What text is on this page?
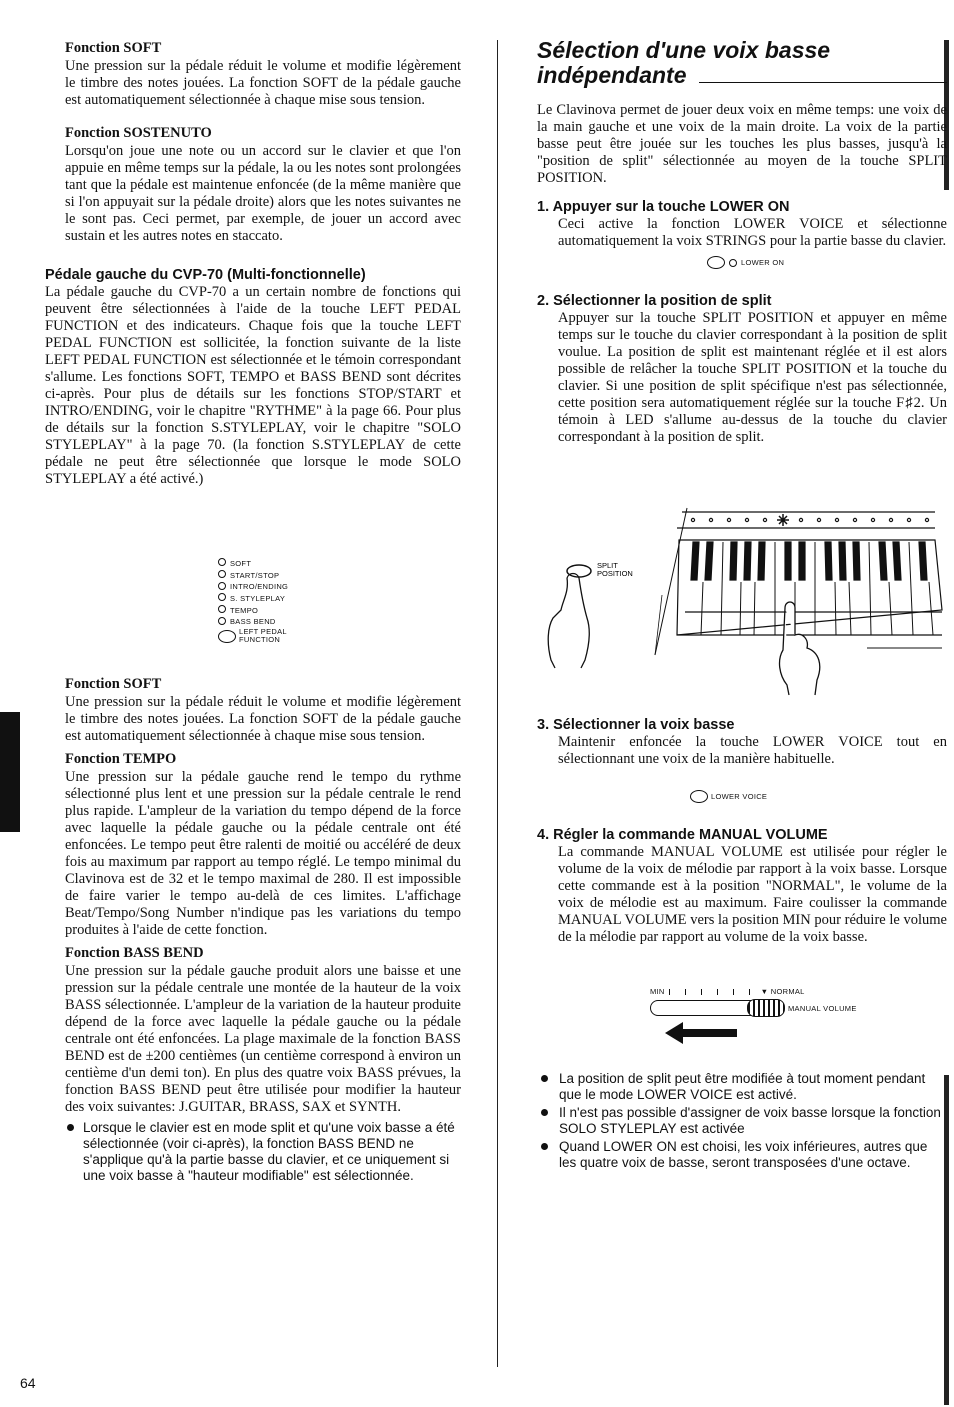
Fonction SOFT

Une pression sur la pédale réduit le volume et modifie légèrement le timbre des notes jouées. La fonction SOFT de la pédale gauche est automatiquement sélectionnée à chaque mise sous tension.

Fonction SOSTENUTO

Lorsqu'on joue une note ou un accord sur le clavier et que l'on appuie en même temps sur la pédale, la ou les notes sont prolongées tant que la pédale est maintenue enfoncée (de la même manière que si l'on appuyait sur la pédale droite) alors que les notes suivantes ne le sont pas. Ceci permet, par exemple, de jouer un accord avec sustain et les autres notes en staccato.

Pédale gauche du CVP-70 (Multi-fonctionnelle)

La pédale gauche du CVP-70 a un certain nombre de fonctions qui peuvent être sélectionnées à l'aide de la touche LEFT PEDAL FUNCTION et des indicateurs. Chaque fois que la touche LEFT PEDAL FUNCTION est sollicitée, la fonction suivante de la liste LEFT PEDAL FUNCTION est sélectionnée et le témoin correspondant s'allume. Les fonctions SOFT, TEMPO et BASS BEND sont décrites ci-après. Pour plus de détails sur les fonctions STOP/START et INTRO/ENDING, voir le chapitre "RYTHME" à la page 66. Pour plus de détails sur la fonction S.STYLEPLAY, voir le chapitre "SOLO STYLEPLAY" à la page 70. (la fonction S.STYLEPLAY de cette pédale ne peut être sélectionnée que lorsque le mode SOLO STYLEPLAY a été activé.)

SOFT
START/STOP
INTRO/ENDING
S. STYLEPLAY
TEMPO
BASS BEND
LEFT PEDAL
FUNCTION
Fonction SOFT

Une pression sur la pédale réduit le volume et modifie légèrement le timbre des notes jouées. La fonction SOFT de la pédale gauche est automatiquement sélectionnée à chaque mise sous tension.

Fonction TEMPO

Une pression sur la pédale gauche rend le tempo du rythme sélectionné plus lent et une pression sur la pédale centrale le rend plus rapide. L'ampleur de la variation du tempo dépend de la force avec laquelle la pédale gauche ou la pédale centrale ont été enfoncées. Le tempo peut être ralenti de moitié ou accéléré de deux fois au maximum par rapport au tempo réglé. Le tempo minimal du Clavinova est de 32 et le tempo maximal de 280. Il est impossible de faire varier le tempo au-delà de ces limites. L'affichage Beat/Tempo/Song Number n'indique pas les variations du tempo produites à l'aide de cette fonction.

Fonction BASS BEND

Une pression sur la pédale gauche produit alors une baisse et une pression sur la pédale centrale une montée de la hauteur de la voix BASS sélectionnée. L'ampleur de la variation de la hauteur produite dépend de la force avec laquelle la pédale gauche ou la pédale centrale ont été enfoncées. La plage maximale de la fonction BASS BEND est de ±200 centièmes (un centième correspond à environ un centième d'un demi ton). En plus des quatre voix BASS prévues, la fonction BASS BEND peut être utilisée pour modifier la hauteur des voix suivantes: J.GUITAR, BRASS, SAX et SYNTH.

Lorsque le clavier est en mode split et qu'une voix basse a été sélectionnée (voir ci-après), la fonction BASS BEND ne s'applique qu'à la partie basse du clavier, et ce uniquement si une voix basse à "hauteur modifiable" est sélectionnée.
Sélection d'une voix basse
indépendante

Le Clavinova permet de jouer deux voix en même temps: une voix de la main gauche et une voix de la main droite. La voix de la partie basse peut être jouée sur les touches les plus basses, jusqu'à la "position de split" sélectionnée au moyen de la touche SPLIT POSITION.

1. Appuyer sur la touche LOWER ON

Ceci active la fonction LOWER VOICE et sélectionne automatiquement la voix STRINGS pour la partie basse du clavier.

LOWER ON
2. Sélectionner la position de split

Appuyer sur la touche SPLIT POSITION et appuyer en même temps sur le touche du clavier correspondant à la position de split voulue. La position de split est maintenant réglée et il est alors possible de relâcher la touche SPLIT POSITION et la touche du clavier. Si une position de split spécifique n'est pas sélectionnée, cette position sera automatiquement réglée sur la touche F♯2. Un témoin à LED s'allume au-dessus de la touche du clavier correspondant à la position de split.

SPLIT
POSITION
3. Sélectionner la voix basse

Maintenir enfoncée la touche LOWER VOICE tout en sélectionnant une voix de la manière habituelle.

LOWER VOICE
4. Régler la commande MANUAL VOLUME

La commande MANUAL VOLUME est utilisée pour régler le volume de la voix de mélodie par rapport à la voix basse. Lorsque cette commande est à la position "NORMAL", le volume de la voix de mélodie est au maximum. Faire coulisser la commande MANUAL VOLUME vers la position MIN pour réduire le volume de la mélodie par rapport au volume de la voix basse.

MIN	▼ NORMAL
MANUAL VOLUME
La position de split peut être modifiée à tout moment pendant que le mode LOWER VOICE est activé.
Il n'est pas possible d'assigner de voix basse lorsque la fonction SOLO STYLEPLAY est activée
Quand LOWER ON est choisi, les voix inférieures, autres que les quatre voix de basse, seront transposées d'une octave.
64
